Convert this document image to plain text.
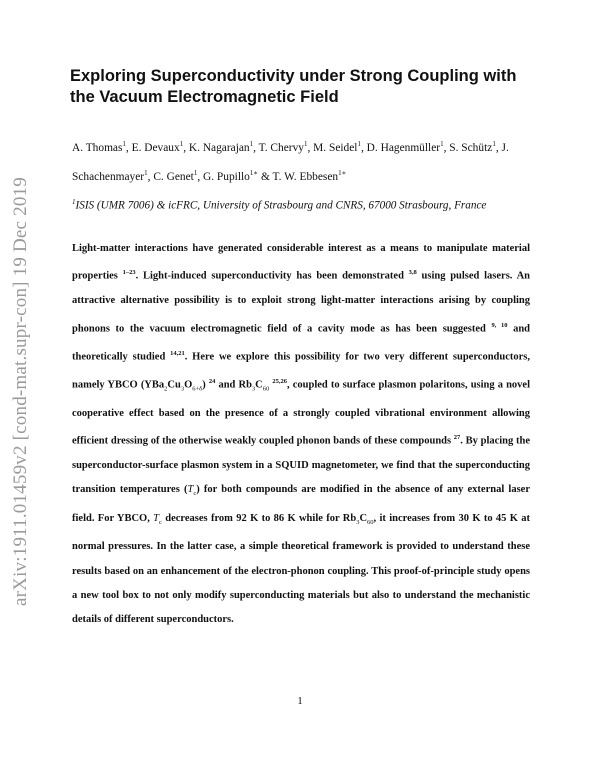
arXiv:1911.01459v2 [cond-mat.supr-con] 19 Dec 2019
Exploring Superconductivity under Strong Coupling with
the Vacuum Electromagnetic Field
A. Thomas$^1$, E. Devaux$^1$, K. Nagarajan$^1$, T. Chervy$^1$, M. Seidel$^1$, D. Hagenmüller$^1$, S. Schütz$^1$, J. Schachenmayer$^1$, C. Genet$^1$, G. Pupillo$^{1∗}$ & T. W. Ebbesen$^{1∗}$
$^1$ISIS (UMR 7006) & icFRC, University of Strasbourg and CNRS, 67000 Strasbourg, France
Light-matter interactions have generated considerable interest as a means to manipulate material properties $^{1-23}$. Light-induced superconductivity has been demonstrated $^{3,8}$ using pulsed lasers. An attractive alternative possibility is to exploit strong light-matter interactions arising by coupling phonons to the vacuum electromagnetic field of a cavity mode as has been suggested $^{9, 10}$ and theoretically studied $^{14,21}$. Here we explore this possibility for two very different superconductors, namely YBCO $(YBa_2Cu_3O_{6+\delta})$ $^{24}$ and $Rb_3C_{60}$ $^{25,26}$, coupled to surface plasmon polaritons, using a novel cooperative effect based on the presence of a strongly coupled vibrational environment allowing efficient dressing of the otherwise weakly coupled phonon bands of these compounds $^{27}$. By placing the superconductor-surface plasmon system in a SQUID magnetometer, we find that the superconducting transition temperatures $(T_c)$ for both compounds are modified in the absence of any external laser field. For YBCO, $T_c$ decreases from 92 K to 86 K while for $Rb_3C_{60}$, it increases from 30 K to 45 K at normal pressures. In the latter case, a simple theoretical framework is provided to understand these results based on an enhancement of the electron-phonon coupling. This proof-of-principle study opens a new tool box to not only modify superconducting materials but also to understand the mechanistic details of different superconductors.
1
